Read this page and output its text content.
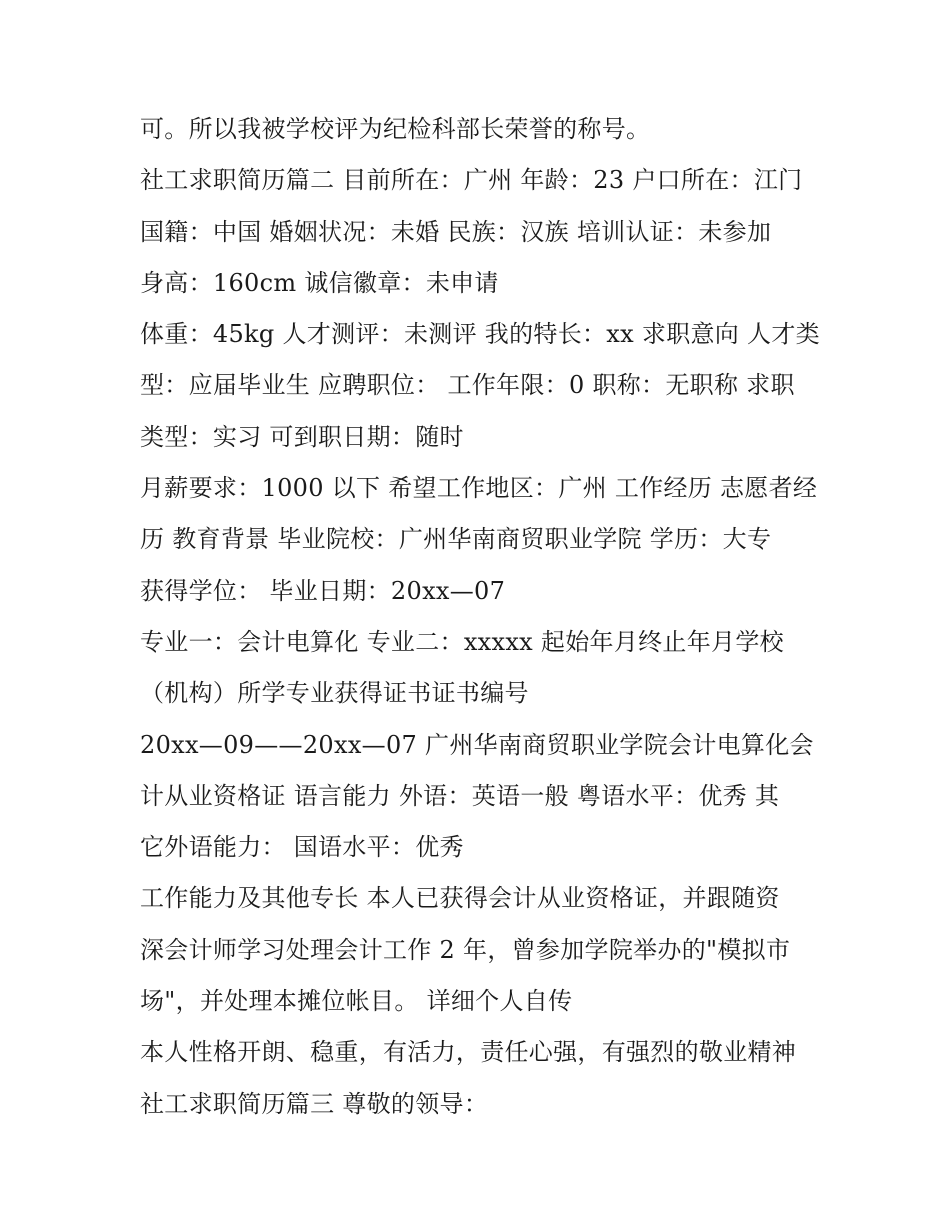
可。所以我被学校评为纪检科部长荣誉的称号。
社工求职简历篇二 目前所在：广州 年龄：23 户口所在：江门
国籍：中国 婚姻状况：未婚 民族：汉族 培训认证：未参加
身高：160cm 诚信徽章：未申请
体重：45kg 人才测评：未测评 我的特长：xx 求职意向 人才类
型：应届毕业生 应聘职位： 工作年限：0 职称：无职称 求职
类型：实习 可到职日期：随时
月薪要求：1000 以下 希望工作地区：广州 工作经历 志愿者经
历 教育背景 毕业院校：广州华南商贸职业学院 学历：大专
获得学位： 毕业日期：20xx—07
专业一：会计电算化 专业二：xxxxx 起始年月终止年月学校
（机构）所学专业获得证书证书编号
20xx—09——20xx—07 广州华南商贸职业学院会计电算化会
计从业资格证 语言能力 外语：英语一般 粤语水平：优秀 其
它外语能力： 国语水平：优秀
工作能力及其他专长 本人已获得会计从业资格证，并跟随资
深会计师学习处理会计工作 2 年，曾参加学院举办的"模拟市
场"，并处理本摊位帐目。 详细个人自传
本人性格开朗、稳重，有活力，责任心强，有强烈的敬业精神
社工求职简历篇三 尊敬的领导：
